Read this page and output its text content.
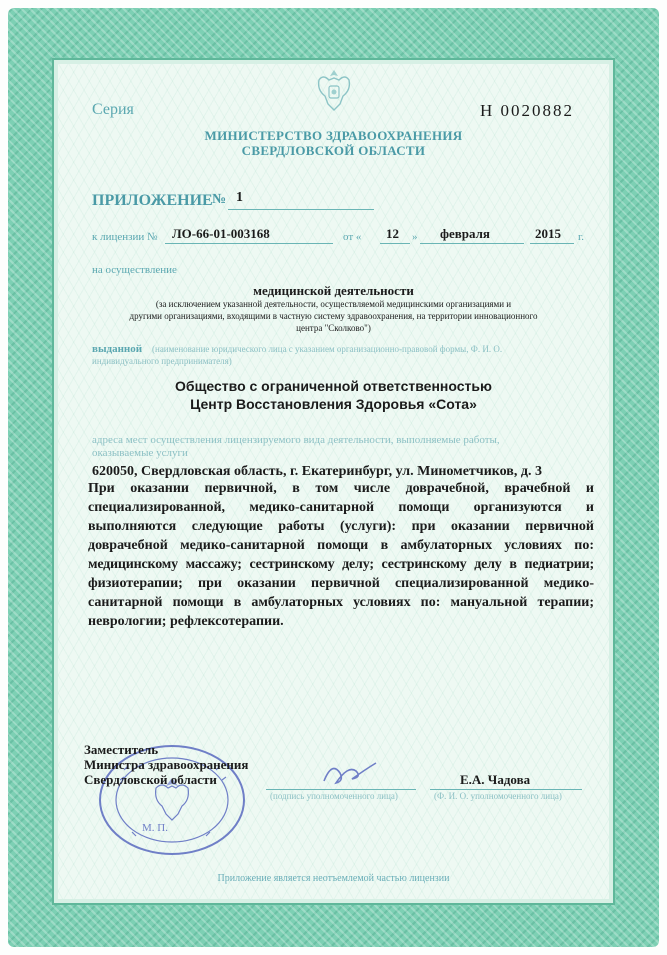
Серия	Н 0020882
МИНИСТЕРСТВО ЗДРАВООХРАНЕНИЯ
СВЕРДЛОВСКОЙ ОБЛАСТИ
ПРИЛОЖЕНИЕ № 1
к лицензии № ЛО-66-01-003168	от « 12 » февраля	2015 г.
на осуществление
медицинской деятельности
(за исключением указанной деятельности, осуществляемой медицинскими организациями и
другими организациями, входящими в частную систему здравоохранения, на территории инновационного
центра "Сколково")
выданной (наименование юридического лица с указанием организационно-правовой формы, Ф. И. О.
индивидуального предпринимателя)
Общество с ограниченной ответственностью
Центр Восстановления Здоровья «Сота»
адреса мест осуществления лицензируемого вида деятельности, выполняемые работы,
оказываемые услуги
620050, Свердловская область, г. Екатеринбург, ул. Минометчиков, д. 3
При оказании первичной, в том числе доврачебной, врачебной и
специализированной, медико-санитарной помощи организуются и
выполняются следующие работы (услуги): при оказании первичной
доврачебной медико-санитарной помощи в амбулаторных условиях по:
медицинскому массажу; сестринскому делу; сестринскому делу в педиатрии;
физиотерапии; при оказании первичной специализированной медико-
санитарной помощи в амбулаторных условиях по: мануальной терапии;
неврологии; рефлексотерапии.
М. П.
Заместитель
Министра здравоохранения
Свердловской области
(подпись уполномоченного лица)
Е.А. Чадова
(Ф. И. О. уполномоченного лица)
Приложение является неотъемлемой частью лицензии
